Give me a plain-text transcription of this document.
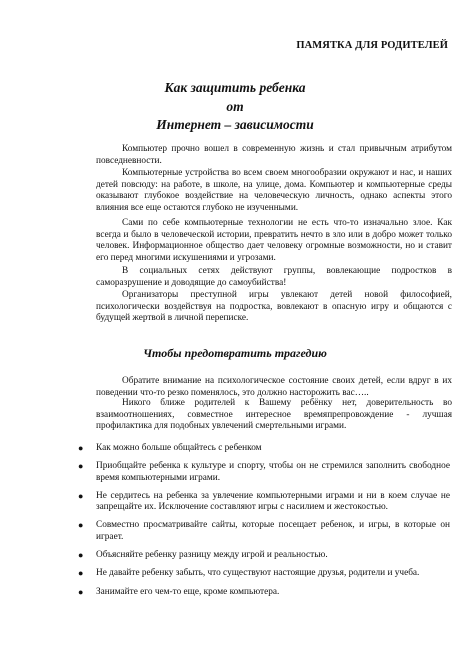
ПАМЯТКА ДЛЯ РОДИТЕЛЕЙ
Как защитить ребенка
от
Интернет – зависимости

Компьютер прочно вошел в современную жизнь и стал привычным атрибутом повседневности.

Компьютерные устройства во всем своем многообразии окружают и нас, и наших детей повсюду: на работе, в школе, на улице, дома. Компьютер и компьютерные среды оказывают глубокое воздействие на человеческую личность, однако аспекты этого влияния все еще остаются глубоко не изученными.

Сами по себе компьютерные технологии не есть что-то изначально злое. Как всегда и было в человеческой истории, превратить нечто в зло или в добро может только человек. Информационное общество дает человеку огромные возможности, но и ставит его перед многими искушениями и угрозами.

В социальных сетях действуют группы, вовлекающие подростков в саморазрушение и доводящие до самоубийства!

Организаторы преступной игры увлекают детей новой философией, психологически воздействуя на подростка, вовлекают в опасную игру и общаются с будущей жертвой в личной переписке.

Чтобы предотвратить трагедию

Обратите внимание на психологическое состояние своих детей, если вдруг в их поведении что-то резко поменялось, это должно насторожить вас…..

Никого ближе родителей к Вашему ребёнку нет, доверительность во взаимоотношениях, совместное интересное времяпрепровождение - лучшая профилактика для подобных увлечений смертельными играми.

● Как можно больше общайтесь с ребенком
● Приобщайте ребенка к культуре и спорту, чтобы он не стремился заполнить свободное время компьютерными играми.
● Не сердитесь на ребенка за увлечение компьютерными играми и ни в коем случае не запрещайте их. Исключение составляют игры с насилием и жестокостью.
● Совместно просматривайте сайты, которые посещает ребенок, и игры, в которые он играет.
● Объясняйте ребенку разницу между игрой и реальностью.
● Не давайте ребенку забыть, что существуют настоящие друзья, родители и учеба.
● Занимайте его чем-то еще, кроме компьютера.
